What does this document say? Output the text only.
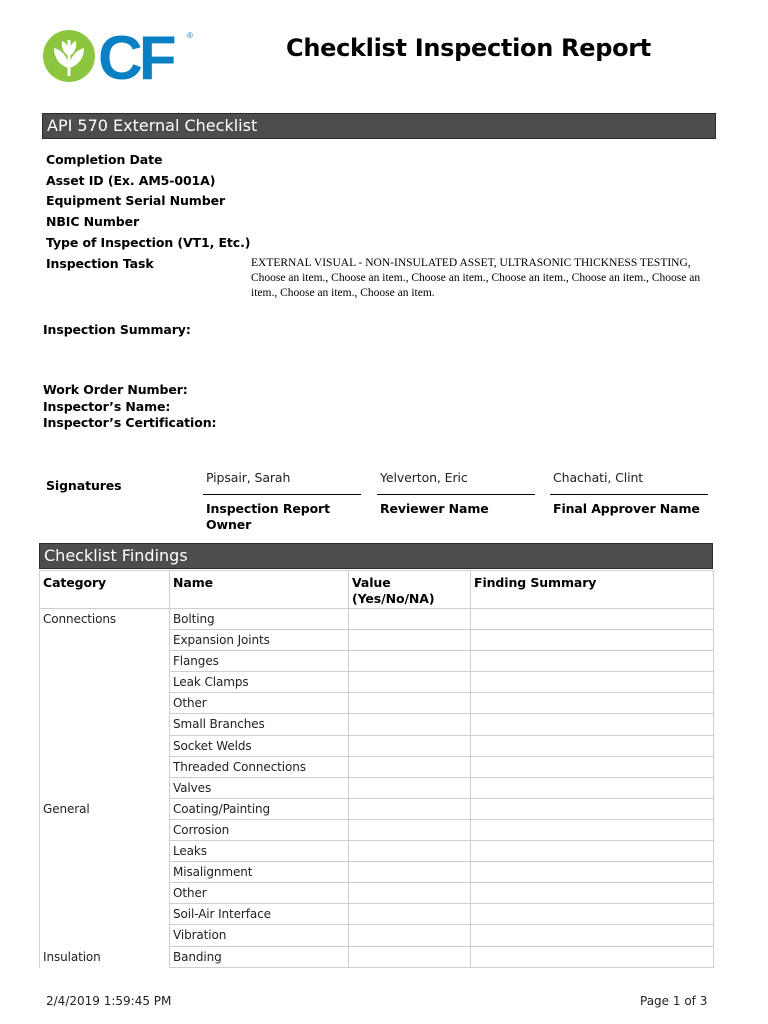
CF ®	Checklist Inspection Report
API 570 External Checklist
Completion Date
Asset ID (Ex. AM5-001A)
Equipment Serial Number
NBIC Number
Type of Inspection (VT1, Etc.)
Inspection Task	EXTERNAL VISUAL - NON-INSULATED ASSET, ULTRASONIC THICKNESS TESTING, Choose an item., Choose an item., Choose an item., Choose an item., Choose an item., Choose an item., Choose an item., Choose an item.
Inspection Summary:
Work Order Number:
Inspector’s Name:
Inspector’s Certification:
Signatures
Pipsair, Sarah
Inspection Report Owner
Yelverton, Eric
Reviewer Name
Chachati, Clint
Final Approver Name
Checklist Findings
Category	Name	Value (Yes/No/NA)	Finding Summary
Connections	Bolting		
	Expansion Joints		
	Flanges		
	Leak Clamps		
	Other		
	Small Branches		
	Socket Welds		
	Threaded Connections		
	Valves		
General	Coating/Painting		
	Corrosion		
	Leaks		
	Misalignment		
	Other		
	Soil-Air Interface		
	Vibration		
Insulation	Banding		
2/4/2019 1:59:45 PM	Page 1 of 3
